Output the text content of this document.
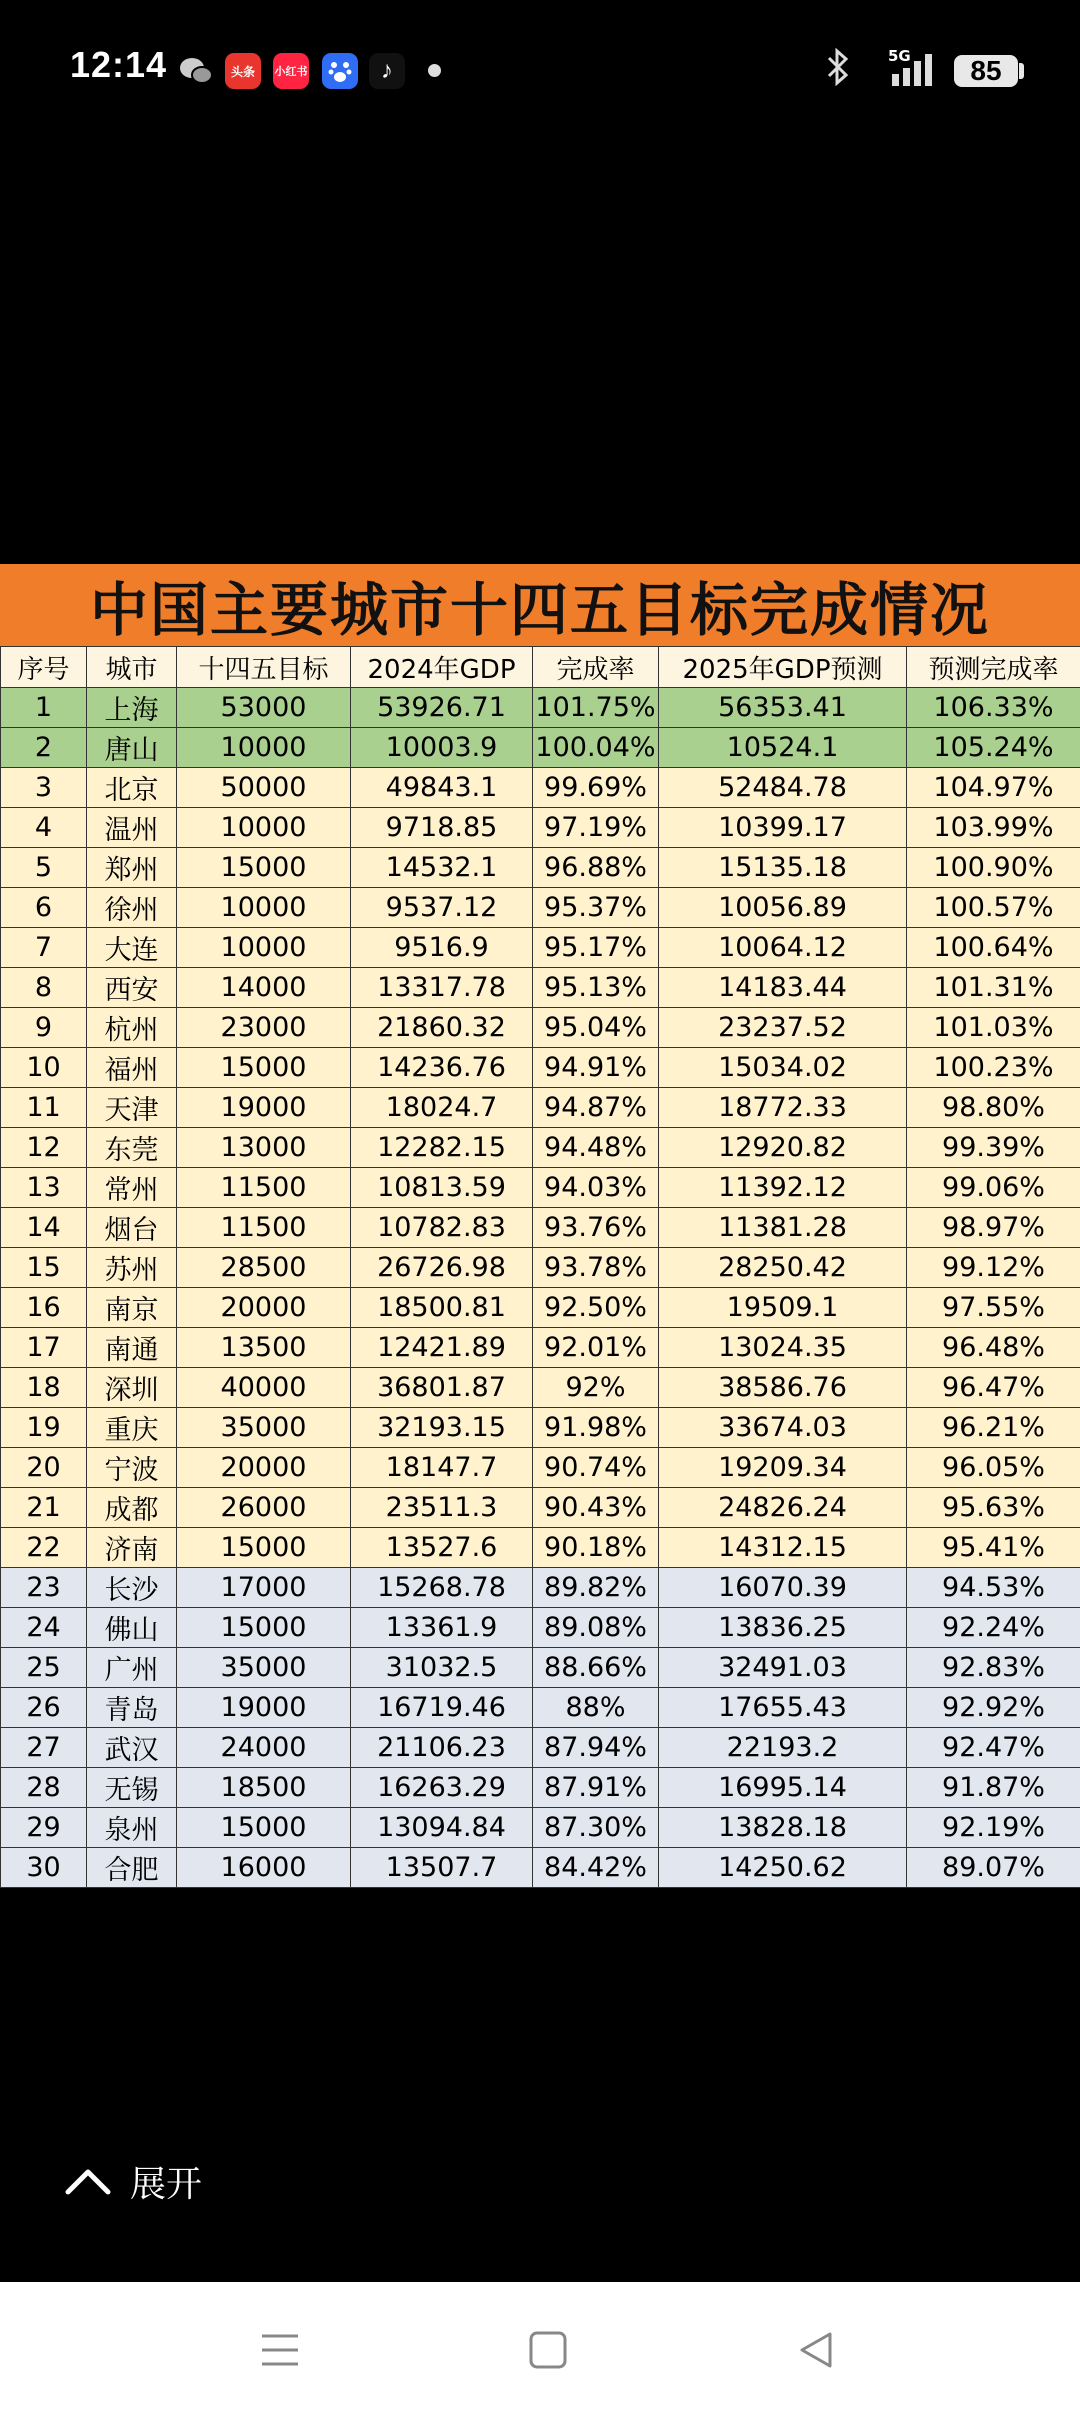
12:14	头条	小红书	♪
5G	85
中国主要城市十四五目标完成情况
序号	城市	十四五目标	2024年GDP	完成率	2025年GDP预测	预测完成率
1	上海	53000	53926.71	101.75%	56353.41	106.33%
2	唐山	10000	10003.9	100.04%	10524.1	105.24%
3	北京	50000	49843.1	99.69%	52484.78	104.97%
4	温州	10000	9718.85	97.19%	10399.17	103.99%
5	郑州	15000	14532.1	96.88%	15135.18	100.90%
6	徐州	10000	9537.12	95.37%	10056.89	100.57%
7	大连	10000	9516.9	95.17%	10064.12	100.64%
8	西安	14000	13317.78	95.13%	14183.44	101.31%
9	杭州	23000	21860.32	95.04%	23237.52	101.03%
10	福州	15000	14236.76	94.91%	15034.02	100.23%
11	天津	19000	18024.7	94.87%	18772.33	98.80%
12	东莞	13000	12282.15	94.48%	12920.82	99.39%
13	常州	11500	10813.59	94.03%	11392.12	99.06%
14	烟台	11500	10782.83	93.76%	11381.28	98.97%
15	苏州	28500	26726.98	93.78%	28250.42	99.12%
16	南京	20000	18500.81	92.50%	19509.1	97.55%
17	南通	13500	12421.89	92.01%	13024.35	96.48%
18	深圳	40000	36801.87	92%	38586.76	96.47%
19	重庆	35000	32193.15	91.98%	33674.03	96.21%
20	宁波	20000	18147.7	90.74%	19209.34	96.05%
21	成都	26000	23511.3	90.43%	24826.24	95.63%
22	济南	15000	13527.6	90.18%	14312.15	95.41%
23	长沙	17000	15268.78	89.82%	16070.39	94.53%
24	佛山	15000	13361.9	89.08%	13836.25	92.24%
25	广州	35000	31032.5	88.66%	32491.03	92.83%
26	青岛	19000	16719.46	88%	17655.43	92.92%
27	武汉	24000	21106.23	87.94%	22193.2	92.47%
28	无锡	18500	16263.29	87.91%	16995.14	91.87%
29	泉州	15000	13094.84	87.30%	13828.18	92.19%
30	合肥	16000	13507.7	84.42%	14250.62	89.07%
展开
